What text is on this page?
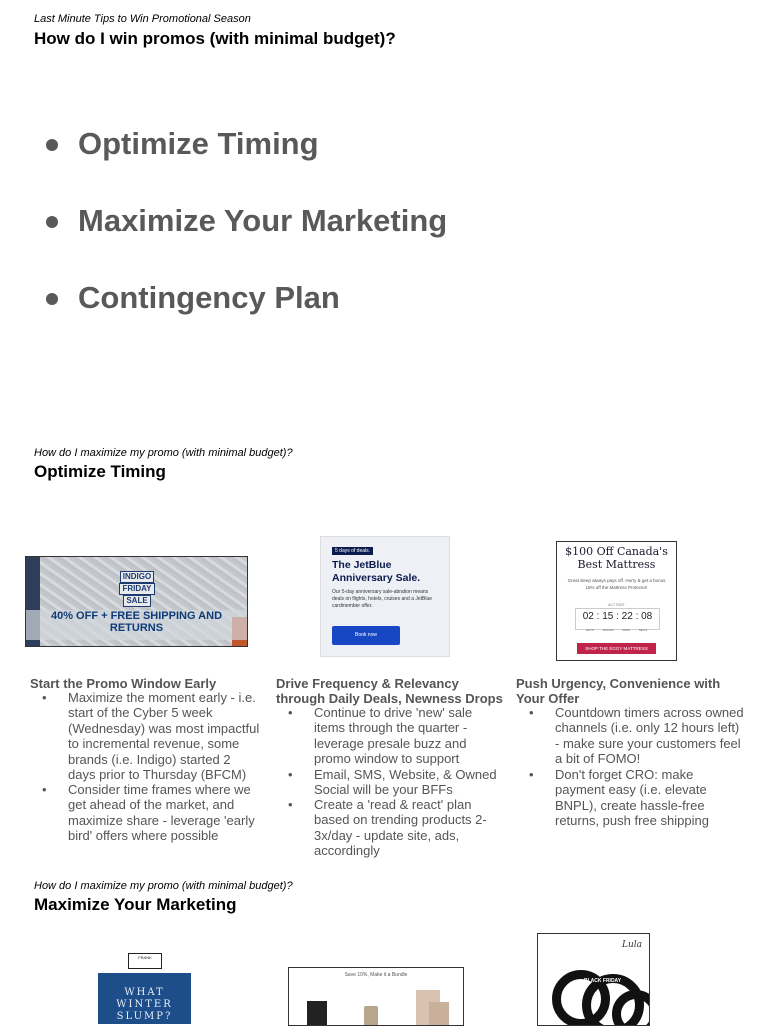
Last Minute Tips to Win Promotional Season
How do I win promos (with minimal budget)?
Optimize Timing
Maximize Your Marketing
Contingency Plan
How do I maximize my promo (with minimal budget)?
Optimize Timing
INDIGO
FRIDAY
SALE
40% OFF + FREE SHIPPING AND
RETURNS
5 days of deals.
The JetBlue
Anniversary Sale.
Our 5-day anniversary sale-abration means deals on flights, hotels, cruises and a JetBlue cardmember offer.
Book now
$100 Off Canada's
Best Mattress
Great sleep always pays off. Hurry & get a bonus 15% off the Mattress Protector!
ACT FAST
02 : 15 : 22 : 08
DAYS HOURS MINS SECS
SHOP THE EGGY MATTRESS
Start the Promo Window Early
• Maximize the moment early - i.e.
start of the Cyber 5 week
(Wednesday) was most impactful
to incremental revenue, some
brands (i.e. Indigo) started 2
days prior to Thursday (BFCM)
• Consider time frames where we
get ahead of the market, and
maximize share - leverage 'early
bird' offers where possible
Drive Frequency & Relevancy
through Daily Deals, Newness Drops
• Continue to drive 'new' sale
items through the quarter -
leverage presale buzz and
promo window to support
• Email, SMS, Website, & Owned
Social will be your BFFs
• Create a 'read & react' plan
based on trending products 2-
3x/day - update site, ads,
accordingly
Push Urgency, Convenience with
Your Offer
• Countdown timers across owned
channels (i.e. only 12 hours left)
- make sure your customers feel
a bit of FOMO!
• Don't forget CRO: make
payment easy (i.e. elevate
BNPL), create hassle-free
returns, push free shipping
How do I maximize my promo (with minimal budget)?
Maximize Your Marketing
FRANK
WHAT
WINTER
SLUMP?
Save 10%, Make it a Bundle
Lula
BLACK FRIDAY
